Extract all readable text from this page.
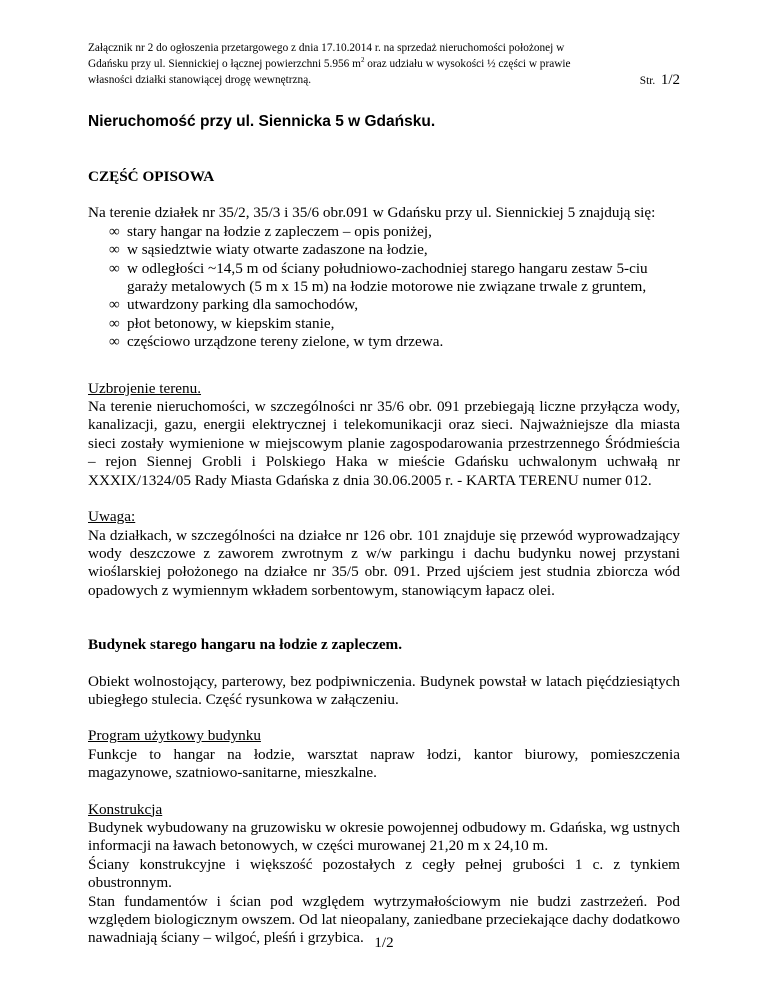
Załącznik nr 2 do ogłoszenia przetargowego z dnia 17.10.2014 r. na sprzedaż nieruchomości położonej w
Gdańsku przy ul. Siennickiej o łącznej powierzchni 5.956 $m^2$ oraz udziału w wysokości ½ części w prawie
własności działki stanowiącej drogę wewnętrzną.	Str. 1/2
Nieruchomość przy ul. Siennicka 5 w Gdańsku.

CZĘŚĆ OPISOWA

Na terenie działek nr 35/2, 35/3 i 35/6 obr.091 w Gdańsku przy ul. Siennickiej 5 znajdują się:

∞ stary hangar na łodzie z zapleczem – opis poniżej,
∞ w sąsiedztwie wiaty otwarte zadaszone na łodzie,
∞ w odległości ~14,5 m od ściany południowo-zachodniej starego hangaru zestaw 5-ciu garaży metalowych (5 m x 15 m) na łodzie motorowe nie związane trwale z gruntem,
∞ utwardzony parking dla samochodów,
∞ płot betonowy, w kiepskim stanie,
∞ częściowo urządzone tereny zielone, w tym drzewa.

Uzbrojenie terenu.

Na terenie nieruchomości, w szczególności nr 35/6 obr. 091 przebiegają liczne przyłącza wody, kanalizacji, gazu, energii elektrycznej i telekomunikacji oraz sieci. Najważniejsze dla miasta sieci zostały wymienione w miejscowym planie zagospodarowania przestrzennego Śródmieścia – rejon Siennej Grobli i Polskiego Haka w mieście Gdańsku uchwalonym uchwałą nr XXXIX/1324/05 Rady Miasta Gdańska z dnia 30.06.2005 r. - KARTA TERENU numer 012.

Uwaga:

Na działkach, w szczególności na działce nr 126 obr. 101 znajduje się przewód wyprowadzający wody deszczowe z zaworem zwrotnym z w/w parkingu i dachu budynku nowej przystani wioślarskiej położonego na działce nr 35/5 obr. 091. Przed ujściem jest studnia zbiorcza wód opadowych z wymiennym wkładem sorbentowym, stanowiącym łapacz olei.

Budynek starego hangaru na łodzie z zapleczem.

Obiekt wolnostojący, parterowy, bez podpiwniczenia. Budynek powstał w latach pięćdziesiątych ubiegłego stulecia. Część rysunkowa w załączeniu.

Program użytkowy budynku

Funkcje to hangar na łodzie, warsztat napraw łodzi, kantor biurowy, pomieszczenia magazynowe, szatniowo-sanitarne, mieszkalne.

Konstrukcja

Budynek wybudowany na gruzowisku w okresie powojennej odbudowy m. Gdańska, wg ustnych informacji na ławach betonowych, w części murowanej 21,20 m x 24,10 m.

Ściany konstrukcyjne i większość pozostałych z cegły pełnej grubości 1 c. z tynkiem obustronnym.

Stan fundamentów i ścian pod względem wytrzymałościowym nie budzi zastrzeżeń. Pod względem biologicznym owszem. Od lat nieopalany, zaniedbane przeciekające dachy dodatkowo nawadniają ściany – wilgoć, pleśń i grzybica. 1/2
